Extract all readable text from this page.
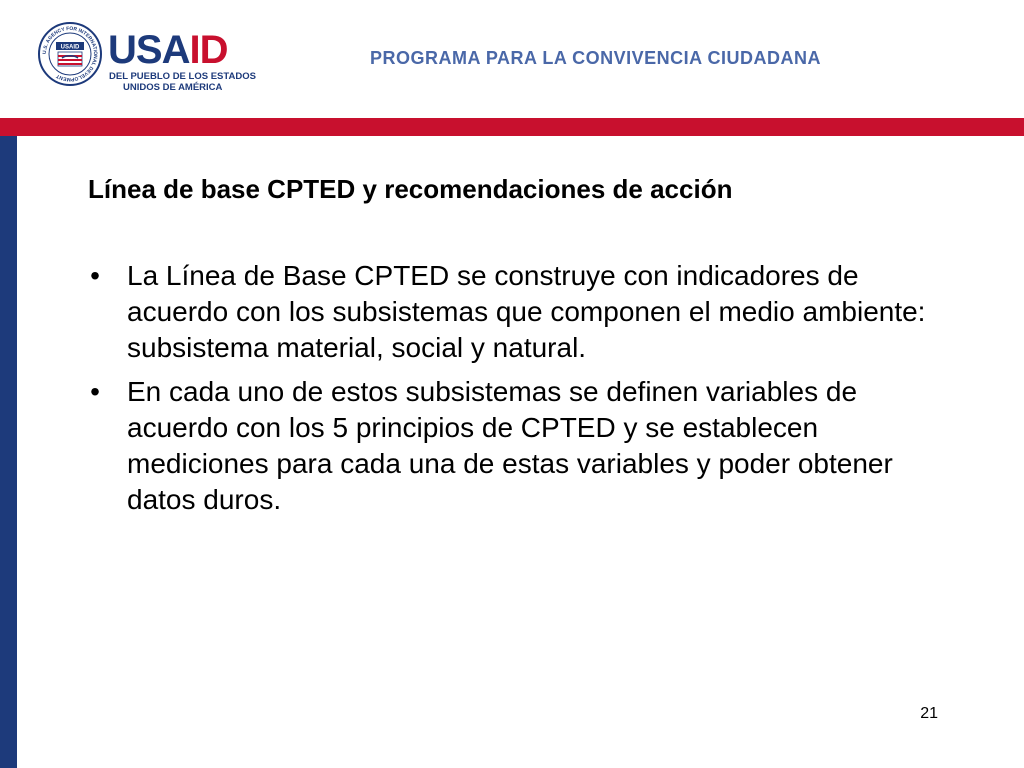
U.S. AGENCY FOR INTERNATIONAL DEVELOPMENT
USAID USAID
DEL PUEBLO DE LOS ESTADOS
UNIDOS DE AMÉRICA
PROGRAMA PARA LA CONVIVENCIA CIUDADANA
Línea de base CPTED y recomendaciones de acción
• La Línea de Base CPTED se construye con indicadores de acuerdo con los subsistemas que componen el medio ambiente: subsistema material, social y natural.
• En cada uno de estos subsistemas se definen variables de acuerdo con los 5 principios de CPTED y se establecen mediciones para cada una de estas variables y poder obtener datos duros.
21
